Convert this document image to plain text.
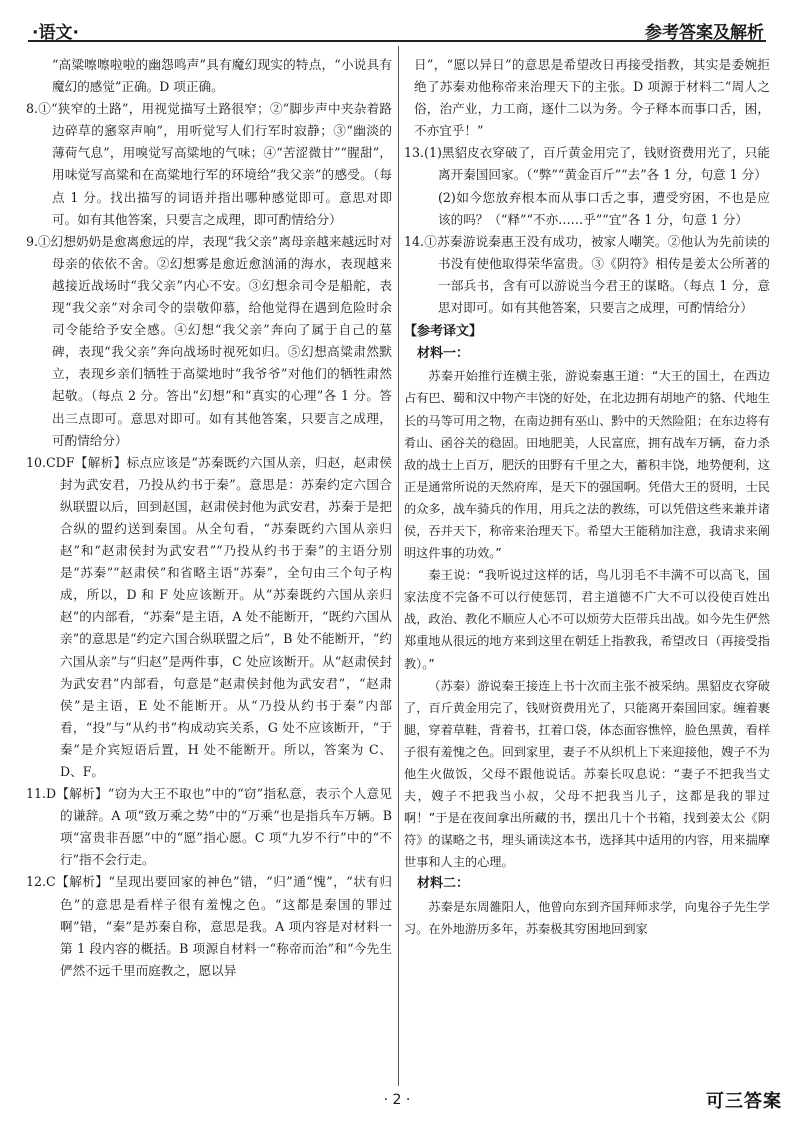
·语文·	参考答案及解析

“高粱嚓嚓啦啦的幽怨鸣声”具有魔幻现实的特点，“小说具有魔幻的感觉”正确。D 项正确。

8.①“狭窄的土路”，用视觉描写土路很窄；②“脚步声中夹杂着路边碎草的窸窣声响”，用听觉写人们行军时寂静；③“幽淡的薄荷气息”，用嗅觉写高粱地的气味；④“苦涩微甘”“腥甜”，用味觉写高粱和在高粱地行军的环境给“我父亲”的感受。（每点 1 分。找出描写的词语并指出哪种感觉即可。意思对即可。如有其他答案，只要言之成理，即可酌情给分）

9.①幻想奶奶是愈离愈远的岸，表现“我父亲”离母亲越来越远时对母亲的依依不舍。②幻想雾是愈近愈汹涌的海水，表现越来越接近战场时“我父亲”内心不安。③幻想余司令是船舵，表现“我父亲”对余司令的崇敬仰慕，给他觉得在遇到危险时余司令能给予安全感。④幻想“我父亲”奔向了属于自己的墓碑，表现“我父亲”奔向战场时视死如归。⑤幻想高粱肃然默立，表现乡亲们牺牲于高粱地时“我爷爷”对他们的牺牲肃然起敬。（每点 2 分。答出“幻想”和“真实的心理”各 1 分。答出三点即可。意思对即可。如有其他答案，只要言之成理，可酌情给分）

10.CDF【解析】标点应该是“苏秦既约六国从亲，归赵，赵肃侯封为武安君，乃投从约书于秦”。意思是：苏秦约定六国合纵联盟以后，回到赵国，赵肃侯封他为武安君，苏秦于是把合纵的盟约送到秦国。从全句看，“苏秦既约六国从亲归赵”和“赵肃侯封为武安君”“乃投从约书于秦”的主语分别是“苏秦”“赵肃侯”和省略主语“苏秦”，全句由三个句子构成，所以，D 和 F 处应该断开。从“苏秦既约六国从亲归赵”的内部看，“苏秦”是主语，A 处不能断开，“既约六国从亲”的意思是“约定六国合纵联盟之后”，B 处不能断开，“约六国从亲”与“归赵”是两件事，C 处应该断开。从“赵肃侯封为武安君”内部看，句意是“赵肃侯封他为武安君”，“赵肃侯”是主语，E 处不能断开。从“乃投从约书于秦”内部看，“投”与“从约书”构成动宾关系，G 处不应该断开，“于秦”是介宾短语后置，H 处不能断开。所以，答案为 C、D、F。

11.D【解析】“窃为大王不取也”中的“窃”指私意，表示个人意见的谦辞。A 项“致万乘之势”中的“万乘”也是指兵车万辆。B 项“富贵非吾愿”中的“愿”指心愿。C 项“九岁不行”中的“不行”指不会行走。

12.C【解析】“呈现出要回家的神色”错，“归”通“愧”，“状有归色”的意思是看样子很有羞愧之色。“这都是秦国的罪过啊”错，“秦”是苏秦自称，意思是我。A 项内容是对材料一第 1 段内容的概括。B 项源自材料一“称帝而治”和“今先生俨然不远千里而庭教之，愿以异

日”，“愿以异日”的意思是希望改日再接受指教，其实是委婉拒绝了苏秦劝他称帝来治理天下的主张。D 项源于材料二“周人之俗，治产业，力工商，逐什二以为务。今子释本而事口舌，困，不亦宜乎！”

13.(1)黑貂皮衣穿破了，百斤黄金用完了，钱财资费用光了，只能离开秦国回家。（“弊”“黄金百斤”“去”各 1 分，句意 1 分）

(2)如今您放弃根本而从事口舌之事，遭受穷困，不也是应该的吗？（“释”“不亦……乎”“宜”各 1 分，句意 1 分）

14.①苏秦游说秦惠王没有成功，被家人嘲笑。②他认为先前读的书没有使他取得荣华富贵。③《阴符》相传是姜太公所著的一部兵书，含有可以游说当今君王的谋略。（每点 1 分，意思对即可。如有其他答案，只要言之成理，可酌情给分）

【参考译文】

材料一：

苏秦开始推行连横主张，游说秦惠王道：“大王的国土，在西边占有巴、蜀和汉中物产丰饶的好处，在北边拥有胡地产的貉、代地生长的马等可用之物，在南边拥有巫山、黔中的天然险阻；在东边将有肴山、函谷关的稳固。田地肥美，人民富庶，拥有战车万辆，奋力杀敌的战士上百万，肥沃的田野有千里之大，蓄积丰饶，地势便利，这正是通常所说的天然府库，是天下的强国啊。凭借大王的贤明，士民的众多，战车骑兵的作用，用兵之法的教练，可以凭借这些来兼并诸侯，吞并天下，称帝来治理天下。希望大王能稍加注意，我请求来阐明这件事的功效。”

秦王说：“我听说过这样的话，鸟儿羽毛不丰满不可以高飞，国家法度不完备不可以行使惩罚，君主道德不广大不可以役使百姓出战，政治、教化不顺应人心不可以烦劳大臣带兵出战。如今先生俨然郑重地从很远的地方来到这里在朝廷上指教我，希望改日（再接受指教）。”

（苏秦）游说秦王接连上书十次而主张不被采纳。黑貂皮衣穿破了，百斤黄金用完了，钱财资费用光了，只能离开秦国回家。缠着裹腿，穿着草鞋，背着书，扛着口袋，体态面容憔悴，脸色黑黄，看样子很有羞愧之色。回到家里，妻子不从织机上下来迎接他，嫂子不为他生火做饭，父母不跟他说话。苏秦长叹息说：“妻子不把我当丈夫，嫂子不把我当小叔，父母不把我当儿子，这都是我的罪过啊！”于是在夜间拿出所藏的书，摆出几十个书箱，找到姜太公《阴符》的谋略之书，埋头诵读这本书，选择其中适用的内容，用来揣摩世事和人主的心理。

材料二：

苏秦是东周雒阳人，他曾向东到齐国拜师求学，向鬼谷子先生学习。在外地游历多年，苏秦极其穷困地回到家

· 2 ·	可三答案
